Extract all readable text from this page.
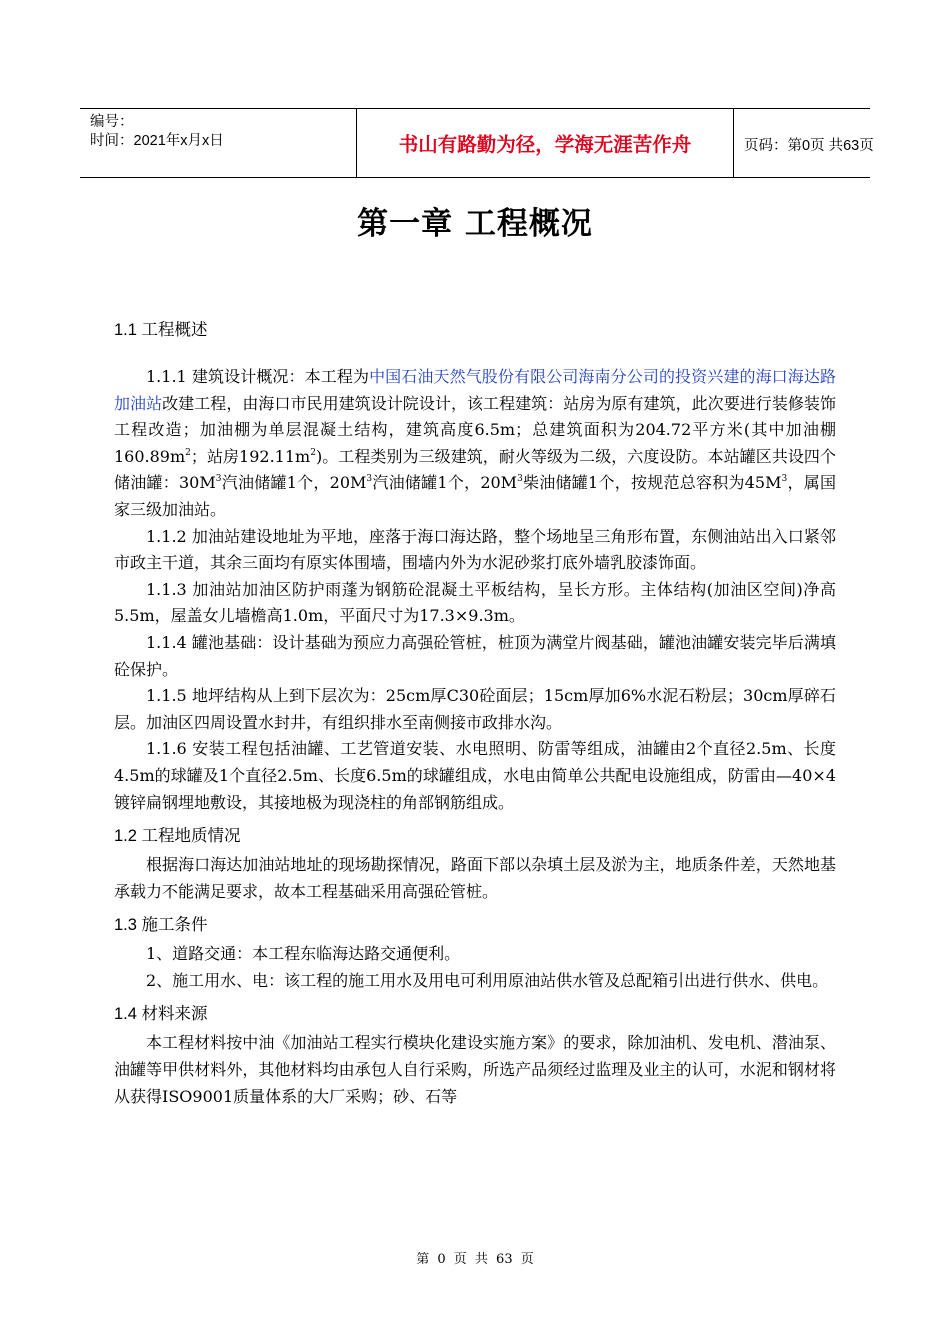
编号：
时间：2021年x月x日	书山有路勤为径，学海无涯苦作舟	页码：第0页 共63页
第一章 工程概况
1.1 工程概述

1.1.1 建筑设计概况：本工程为中国石油天然气股份有限公司海南分公司的投资兴建的海口海达路加油站改建工程，由海口市民用建筑设计院设计，该工程建筑：站房为原有建筑，此次要进行装修装饰工程改造；加油棚为单层混凝土结构，建筑高度6.5m；总建筑面积为204.72平方米(其中加油棚$160.89m^2$；站房$192.11m^2$)。工程类别为三级建筑，耐火等级为二级，六度设防。本站罐区共设四个储油罐：$30M^3$汽油储罐1个，$20M^3$汽油储罐1个，$20M^3$柴油储罐1个，按规范总容积为$45M^3$，属国家三级加油站。

1.1.2 加油站建设地址为平地，座落于海口海达路，整个场地呈三角形布置，东侧油站出入口紧邻市政主干道，其余三面均有原实体围墙，围墙内外为水泥砂浆打底外墙乳胶漆饰面。

1.1.3 加油站加油区防护雨蓬为钢筋砼混凝土平板结构，呈长方形。主体结构(加油区空间)净高5.5m，屋盖女儿墙檐高1.0m，平面尺寸为17.3×9.3m。

1.1.4 罐池基础：设计基础为预应力高强砼管桩，桩顶为满堂片阀基础，罐池油罐安装完毕后满填砼保护。

1.1.5 地坪结构从上到下层次为：25cm厚C30砼面层；15cm厚加6%水泥石粉层；30cm厚碎石层。加油区四周设置水封井，有组织排水至南侧接市政排水沟。

1.1.6 安装工程包括油罐、工艺管道安装、水电照明、防雷等组成，油罐由2个直径2.5m、长度4.5m的球罐及1个直径2.5m、长度6.5m的球罐组成，水电由简单公共配电设施组成，防雷由—40×4镀锌扁钢埋地敷设，其接地极为现浇柱的角部钢筋组成。

1.2 工程地质情况

根据海口海达加油站地址的现场勘探情况，路面下部以杂填土层及淤为主，地质条件差，天然地基承载力不能满足要求，故本工程基础采用高强砼管桩。

1.3 施工条件

1、道路交通：本工程东临海达路交通便利。

2、施工用水、电：该工程的施工用水及用电可利用原油站供水管及总配箱引出进行供水、供电。

1.4 材料来源

本工程材料按中油《加油站工程实行模块化建设实施方案》的要求，除加油机、发电机、潜油泵、油罐等甲供材料外，其他材料均由承包人自行采购，所选产品须经过监理及业主的认可，水泥和钢材将从获得ISO9001质量体系的大厂采购；砂、石等

第 0 页 共 63 页
